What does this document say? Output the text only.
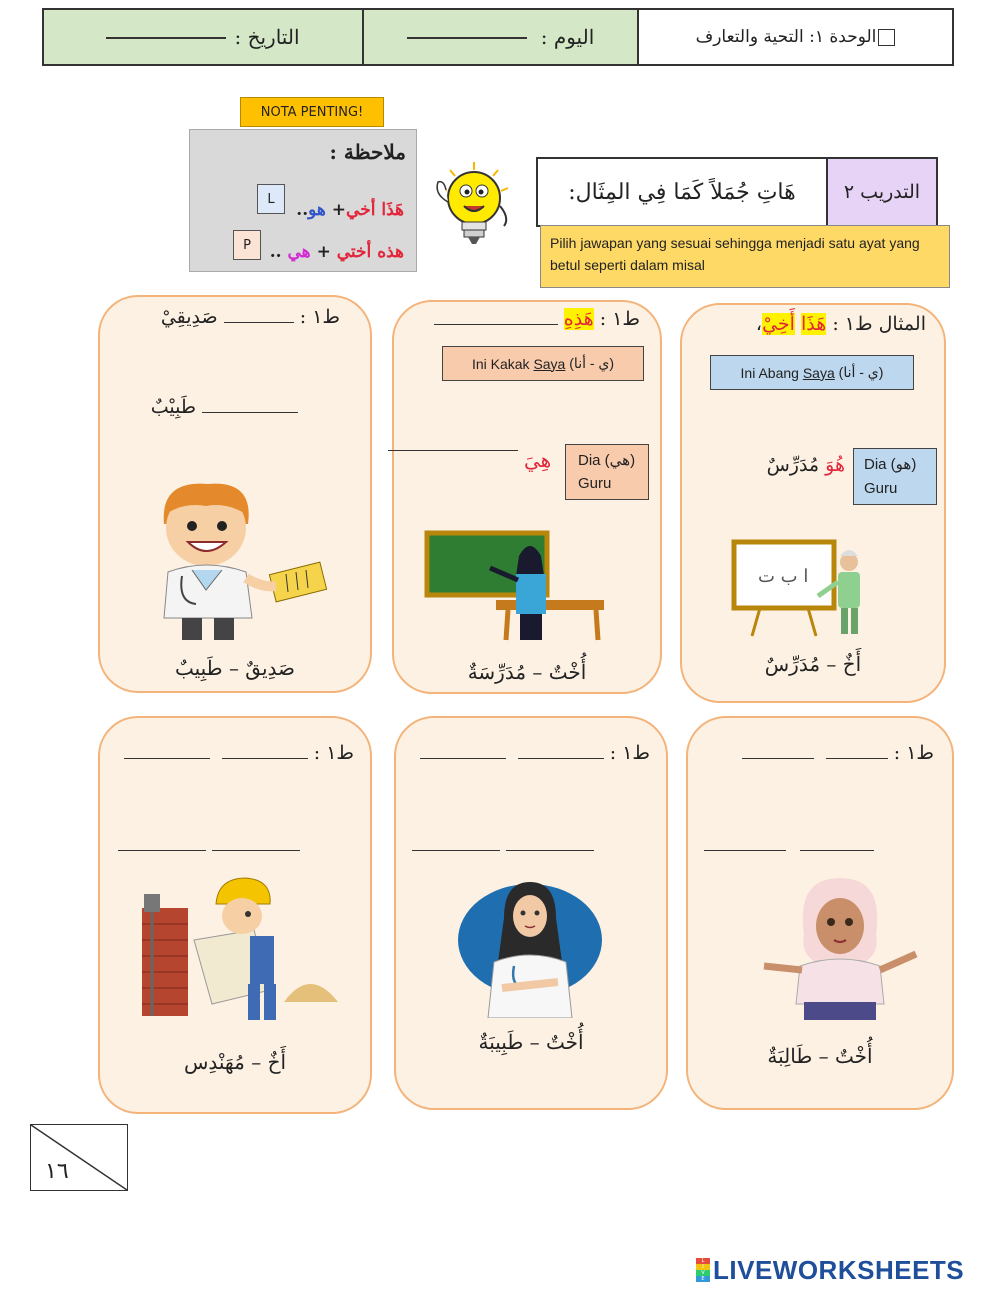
التاريخ :	اليوم :	الوحدة ١: التحية والتعارف
NOTA PENTING!
ملاحظة :
L
هَذَا أخي+ هو..
P	هذه أختي + هي ..
هَاتِ جُمَلاً كَمَا فِي المِثَال:	التدريب ٢
Pilih jawapan yang sesuai sehingga menjadi satu ayat yang betul seperti dalam misal
المثال ط١ : هَذَا أَخِيْ،
Ini Abang
Saya
(ي - أنا)
هُوَ مُدَرِّسٌ	Dia (هو) Guru
ا ب ت
أَخٌ – مُدَرِّسٌ
ط١ : هَذِهِ
Ini Kakak
Saya
(ي - أنا)
هِيَ	Dia (هي) Guru
أُخْتٌ – مُدَرِّسَةٌ
ط١ :  صَدِيقِيْ
طَبِيْبٌ
صَدِيقٌ – طَبِيبٌ
ط١ :
أُخْتٌ – طَالِبَةٌ
ط١ :
أُخْتٌ – طَبِيبَةٌ
ط١ :
أَخٌ – مُهَنْدِس
١٦
L
I
V
E LIVEWORKSHEETS
